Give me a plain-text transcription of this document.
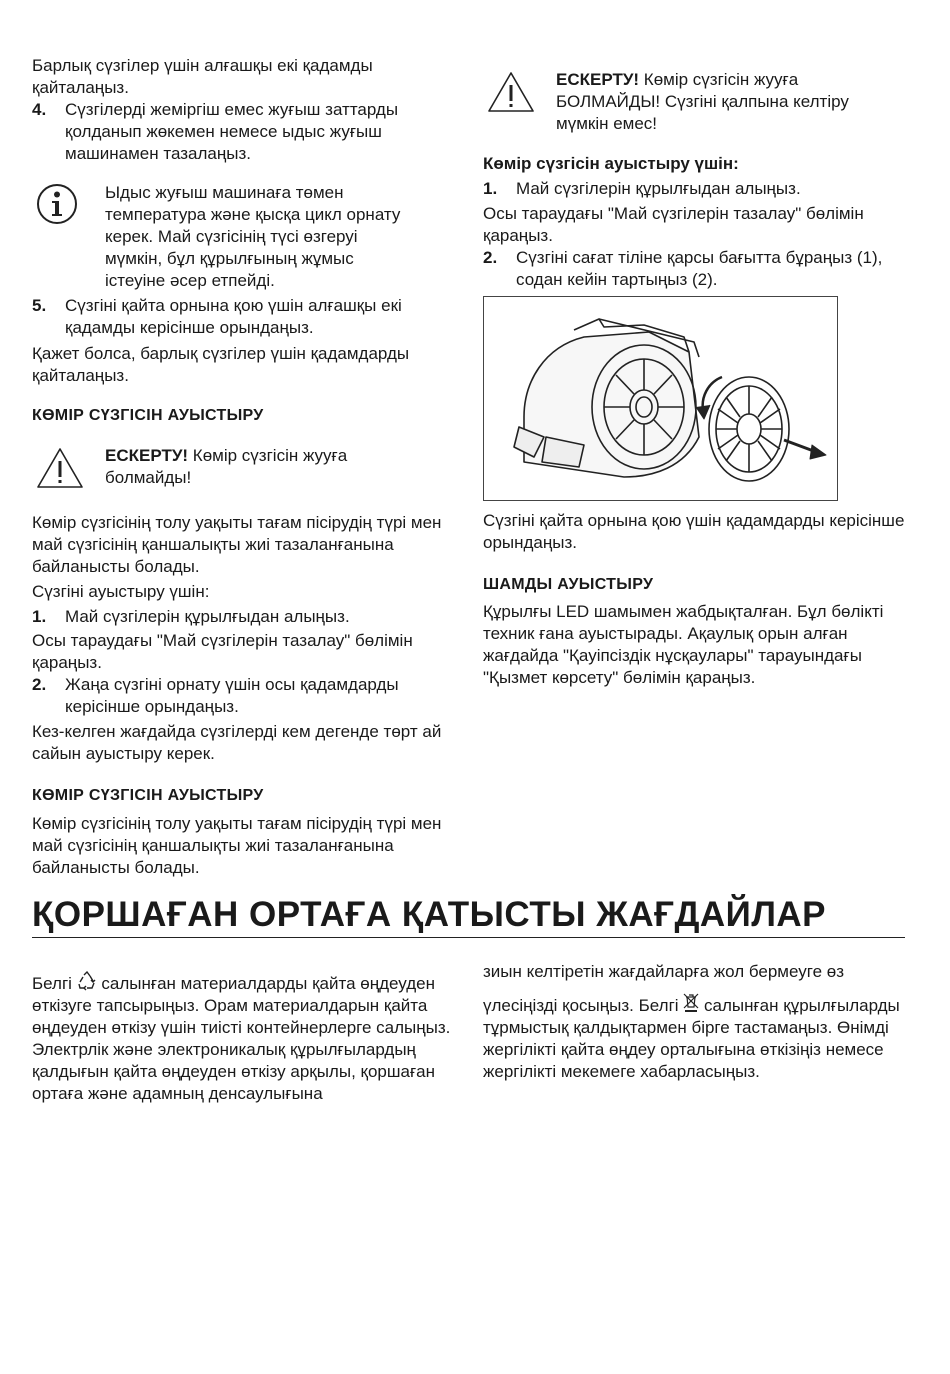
Барлық сүзгілер үшін алғашқы екі қадамды қайталаңыз.

4.	Сүзгілерді жемiргiш емес жуғыш заттарды қолданып жөкемен немесе ыдыс жуғыш машинамен тазалаңыз.

Ыдыс жуғыш машинаға төмен температура және қысқа цикл орнату керек. Май сүзгісінің түсі өзгеруі мүмкін, бұл құрылғының жұмыс істеуіне әсер етпейді.

5.	Сүзгіні қайта орнына қою үшін алғашқы екі қадамды керісінше орындаңыз.

Қажет болса, барлық сүзгілер үшін қадамдарды қайталаңыз.

КӨМІР СҮЗГІСІН АУЫСТЫРУ

ЕСКЕРТУ! Көмір сүзгісін жууға болмайды!

Көмір сүзгісінің толу уақыты тағам пісірудің түрі мен май сүзгісінің қаншалықты жиі тазаланғанына байланысты болады.

Сүзгіні ауыстыру үшін:

1.	Май сүзгілерін құрылғыдан алыңыз.

Осы тараудағы "Май сүзгілерін тазалау" бөлімін қараңыз.

2.	Жаңа сүзгіні орнату үшін осы қадамдарды керісінше орындаңыз.

Кез-келген жағдайда сүзгілерді кем дегенде төрт ай сайын ауыстыру керек.

КӨМІР СҮЗГІСІН АУЫСТЫРУ

Көмір сүзгісінің толу уақыты тағам пісірудің түрі мен май сүзгісінің қаншалықты жиі тазаланғанына байланысты болады.

ЕСКЕРТУ! Көмір сүзгісін жууға БОЛМАЙДЫ! Сүзгіні қалпына келтіру мүмкін емес!

Көмір сүзгісін ауыстыру үшін:

1.	Май сүзгілерін құрылғыдан алыңыз.

Осы тараудағы "Май сүзгілерін тазалау" бөлімін қараңыз.

2.	Сүзгіні сағат тіліне қарсы бағытта бұраңыз (1), содан кейін тартыңыз (2).

Сүзгіні қайта орнына қою үшін қадамдарды керісінше орындаңыз.

ШАМДЫ АУЫСТЫРУ

Құрылғы LED шамымен жабдықталған. Бұл бөлікті техник ғана ауыстырады. Ақаулық орын алған жағдайда "Қауіпсіздік нұсқаулары" тарауындағы "Қызмет көрсету" бөлімін қараңыз.

ҚОРШАҒАН ОРТАҒА ҚАТЫСТЫ ЖАҒДАЙЛАР

Белгі
салынған материалдарды қайта өңдеуден өткізуге тапсырыңыз. Орам материалдарын қайта өңдеуден өткізу үшін тиісті контейнерлерге салыңыз. Электрлік және электроникалық құрылғылардың қалдығын қайта өңдеуден өткізу арқылы, қоршаған ортаға және адамның денсаулығына

зиын келтіретін жағдайларға жол бермеуге өз

үлесіңізді қосыңыз. Белгі
салынған құрылғыларды тұрмыстық қалдықтармен бірге тастамаңыз. Өнімді жергілікті қайта өңдеу орталығына өткізіңіз немесе жергілікті мекемеге хабарласыңыз.
